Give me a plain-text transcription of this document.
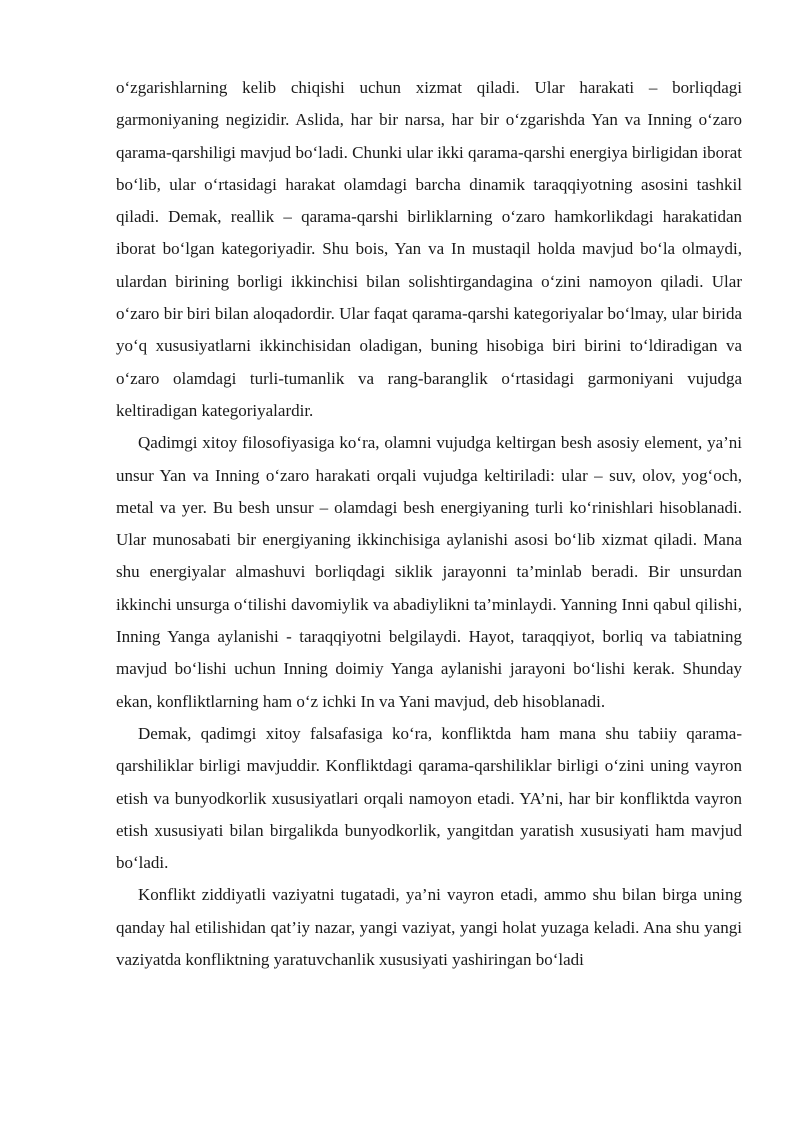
o‘zgarishlarning kelib chiqishi uchun xizmat qiladi. Ular harakati – borliqdagi garmoniyaning negizidir. Aslida, har bir narsa, har bir o‘zgarishda Yan va Inning o‘zaro qarama-qarshiligi mavjud bo‘ladi. Chunki ular ikki qarama-qarshi energiya birligidan iborat bo‘lib, ular o‘rtasidagi harakat olamdagi barcha dinamik taraqqiyotning asosini tashkil qiladi. Demak, reallik – qarama-qarshi birliklarning o‘zaro hamkorlikdagi harakatidan iborat bo‘lgan kategoriyadir. Shu bois, Yan va In mustaqil holda mavjud bo‘la olmaydi, ulardan birining borligi ikkinchisi bilan solishtirgandagina o‘zini namoyon qiladi. Ular o‘zaro bir biri bilan aloqadordir. Ular faqat qarama-qarshi kategoriyalar bo‘lmay, ular birida yo‘q xususiyatlarni ikkinchisidan oladigan, buning hisobiga biri birini to‘ldiradigan va o‘zaro olamdagi turli-tumanlik va rang-baranglik o‘rtasidagi garmoniyani vujudga keltiradigan kategoriyalardir.

Qadimgi xitoy filosofiyasiga ko‘ra, olamni vujudga keltirgan besh asosiy element, ya’ni unsur Yan va Inning o‘zaro harakati orqali vujudga keltiriladi: ular – suv, olov, yog‘och, metal va yer. Bu besh unsur – olamdagi besh energiyaning turli ko‘rinishlari hisoblanadi. Ular munosabati bir energiyaning ikkinchisiga aylanishi asosi bo‘lib xizmat qiladi. Mana shu energiyalar almashuvi borliqdagi siklik jarayonni ta’minlab beradi. Bir unsurdan ikkinchi unsurga o‘tilishi davomiylik va abadiylikni ta’minlaydi. Yanning Inni qabul qilishi, Inning Yanga aylanishi - taraqqiyotni belgilaydi. Hayot, taraqqiyot, borliq va tabiatning mavjud bo‘lishi uchun Inning doimiy Yanga aylanishi jarayoni bo‘lishi kerak. Shunday ekan, konfliktlarning ham o‘z ichki In va Yani mavjud, deb hisoblanadi.

Demak, qadimgi xitoy falsafasiga ko‘ra, konfliktda ham mana shu tabiiy qarama-qarshiliklar birligi mavjuddir. Konfliktdagi qarama-qarshiliklar birligi o‘zini uning vayron etish va bunyodkorlik xususiyatlari orqali namoyon etadi. YA’ni, har bir konfliktda vayron etish xususiyati bilan birgalikda bunyodkorlik, yangitdan yaratish xususiyati ham mavjud bo‘ladi.

Konflikt ziddiyatli vaziyatni tugatadi, ya’ni vayron etadi, ammo shu bilan birga uning qanday hal etilishidan qat’iy nazar, yangi vaziyat, yangi holat yuzaga keladi. Ana shu yangi vaziyatda konfliktning yaratuvchanlik xususiyati yashiringan bo‘ladi
